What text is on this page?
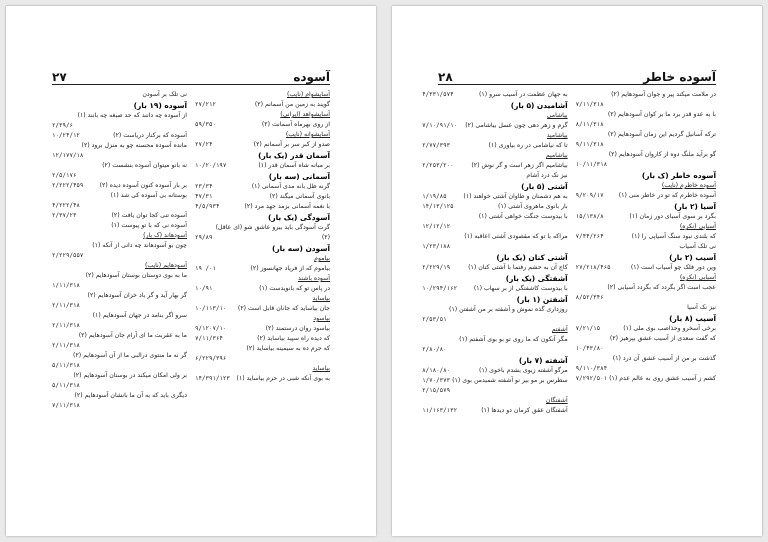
آسوده
۲۷
آسایشوام (نایب)
گویند به زمین من آسمانم (۲)
۲۷/۲۱۲
آسایشواهد (ایرانی)
از روی بهرماه آسمانت (۲)
۵۹/۳۵۰
آسایشوانه (نایب)
صدو از کبر سر بر آسمانم (۲)
۲۷/۲۴
آسمان قدر (یک بار)
بر مبانه شاه آسمان قدر (۱)
۱۰/۲۰/۱۹۷
آسمانی (سه بار)
گرنه ظل بانه مدی آسمانی (۱)
۲۳/۳۴
بانوی آسمانی میگند (۲)
۴۷/۳۱
با نغمه آسمانی بزمد جهد مرد (۲)
۴/۵/۹۳۴
آسودگی (یک بار)
گرت آسودگی باید بیرو عاشق شو (ای عاقل)
(۲)
۲۹/۸۹
آسودن (سه بار)
بیاموم
بیاموم که از فریاد جهانسوز (۲)
۱۹ /۰۱
آسوده باشند
در پاس تو که بانویدست (۱)
۱۰/۹۱
بیاساید
جان بیاساید که جانان قابل است (۲)
۱۰/۱۱۳/۱۰
بیاسود
بیاسود روان درستمند (۲)
۹/۱۲۰۷/۱۰
که دیده راه سپید بیاساید (۲)
۷/۱۱/۳۶۴
که جرم ده به سیمینه بیاساید (۲)
۶/۲۲۹/۳۹۶
بیاساید
به بوی آنکه شبی در حرم بیاساید (۱)
۱۴/۳۹۱/۱۲۳
نی تلک بر آسودن
آسوده (۱۹ بار)
از آسوده چه دانند که حد صبغه چه بانند (۱)
۲/۳۹/۶
آسوده که برکنار دریاست (۲)
۱۰/۲۴/۱۲
مانده آسوده محسنه چو به منزل برود (۲)
۱۲/۱۷۷/۱۸
نه بانو میتوان آسوده بنشست (۲)
۲/۵/۱۷۶
بر بار آسوده کنون آسوده دیده (۲)
۲/۲۲۲/۴۵۹
بوستانه بی آسوده کی شد (۱)
۴/۲۲۲/۴۸
آسوده تنی کجا توان یافت (۲)
۲/۳۷/۲۳
آسوده نی که با تو پیوست (۱)
آسودهاند (ک بار)
چون بو آسودهاند چه دانی از آنکه (۱)
۲/۲۲۹/۵۵۷
آسودهایم (نایب)
ما به بوی دوستان بوستان آسودهایم (۲)
۱/۱۱/۳۱۸
گر بهار آید و گر باد خزان آسودهایم (۲)
۲/۱۱/۳۱۸
سرو اگر بنامد در جهان آسودهایم (۱)
۲/۱۱/۳۱۸
ما به عقربت ما ای آرام جان آسودهایم (۲)
۲/۱۱/۳۱۸
گر نه ما منتوی درالبی ما از آن آسودهایم (۲)
۵/۱۱/۳۱۸
بر ولی امکان میکند در بوستان آسودهایم (۲)
۵/۱۱/۳۱۸
دیگری باید که به آن ما بانشان آسودهایم (۲)
۷/۱۱/۳۱۸
آسوده خاطر
۲۸
در ملامت میکند پیر و جوان آسودهایم (۲)
۷/۱۱/۳۱۸
با به عدو قدر برد ما بر کوان آسودهایم (۲)
۸/۱۱/۳۱۸
ترکه آسانیل گردیم این زمان آسودهایم (۲)
۹/۱۱/۳۱۸
گو برآید ملنگ دوه از کاروان آسودهایم (۲)
۱۰/۱۱/۳۱۸
آسوده خاطر (ک بار)
آسوده خاطرم (نایب)
آسوده خاطرم که تو در خاطر منی (۱)
۹/۲۰۹/۱۷
آسیا (۲ بار)
بگرد بر سوی آسیای دور زمان (۱)
۱۵/۱۳۸/۸
آسیاپی (نکره)
که بلندی نبود سنگ آسیاپی را (۱)
۷/۴۴/۲۶۴
نی تلک آسیاب
آسیب (۲ بار)
وین دور فلک چو آسیاب است (۱)
۲۷/۲۱۸/۴۶۵
آسیابی (نکره)
عجب است اگر بگردد که بگردد آسیابی (۲)
۸/۵۲/۳۴۶
نیز نک آسیا
آسیب (۸ بار)
برخی آسخرو وحذاصب بوی ملی (۱)
۷/۲۱/۱۵
که گفت سعدی از آسیب عشق بپرهیز (۲)
۱۰/۴۳/۸۰
گذشت بر من از آسیب عشق آن درد (۱)
۹/۱۱۰/۳۸۴
کشم ز آسیب عشق روی به عالم عدم (۱)
۷/۲۹۲/۵۰۱
به جهان عظمت در آسیب سرو (۱)
۴/۳۳۱/۵۷۴
آشامیدن (۵ بار)
بیاشامی
گرم و زهر دهی چون عسل بیاشامی (۲)
۷/۱۰/۹۱/۱۰
بیاشامید
تا که نیاشامی در ره بیاوری (۱)
۲/۷۷/۳۹۳
بیاشامیم
بیاشامیم اگر زهر است و گر نوش (۲)
۲/۲۵۳/۲۰۰
نیز نک درد آشام
آشتی (۵ بار)
به هم دشمنان و طاوان آشتی خواهند (۱)
۱/۱۹/۸۵
بار بانوی ماهروی آشتی (۱)
۱۴/۱۳/۱۲۵
با بیدوست جنگت خواهی آشتی (۱)
۱۲/۱۲/۱۲
مراکه با تو که مقصودی آشتی اعاقبه (۱)
۱/۲۳/۱۸۸
آشتی کنان (یک بار)
کاج آن به حشم رفتما با آشتی کنان (۱)
۲/۲۲۹/۱۹
آشفتگی (یک بار)
با بیدوست کاشفتگی از بر سهاب (۱)
۱۰/۲۹۴/۱۶۲
آشفتن (۱ بار)
روزداری گذه نموش و آشفته بر من آشفتن (۱)
۲/۵۳/۵۱
آشفتم
مگر آنکون که ما روی تو بو بوی آشفتم (۱)
۲/۸۰/۸۰
آشفته (۷ بار)
مرگو آشفته زیوی بشدم باخوی (۱)
۸/۱۸۰/۸۰
سطرس بر مو بیر نو آشفته شمیدمن بوی (۱)
۱/۷۰/۳۷۳
۲/۱۵/۵۷۹
آشفتگان
آشفتگان عقق کرمان دو دیدها (۱)
۱۱/۱۶۳/۱۳۲
